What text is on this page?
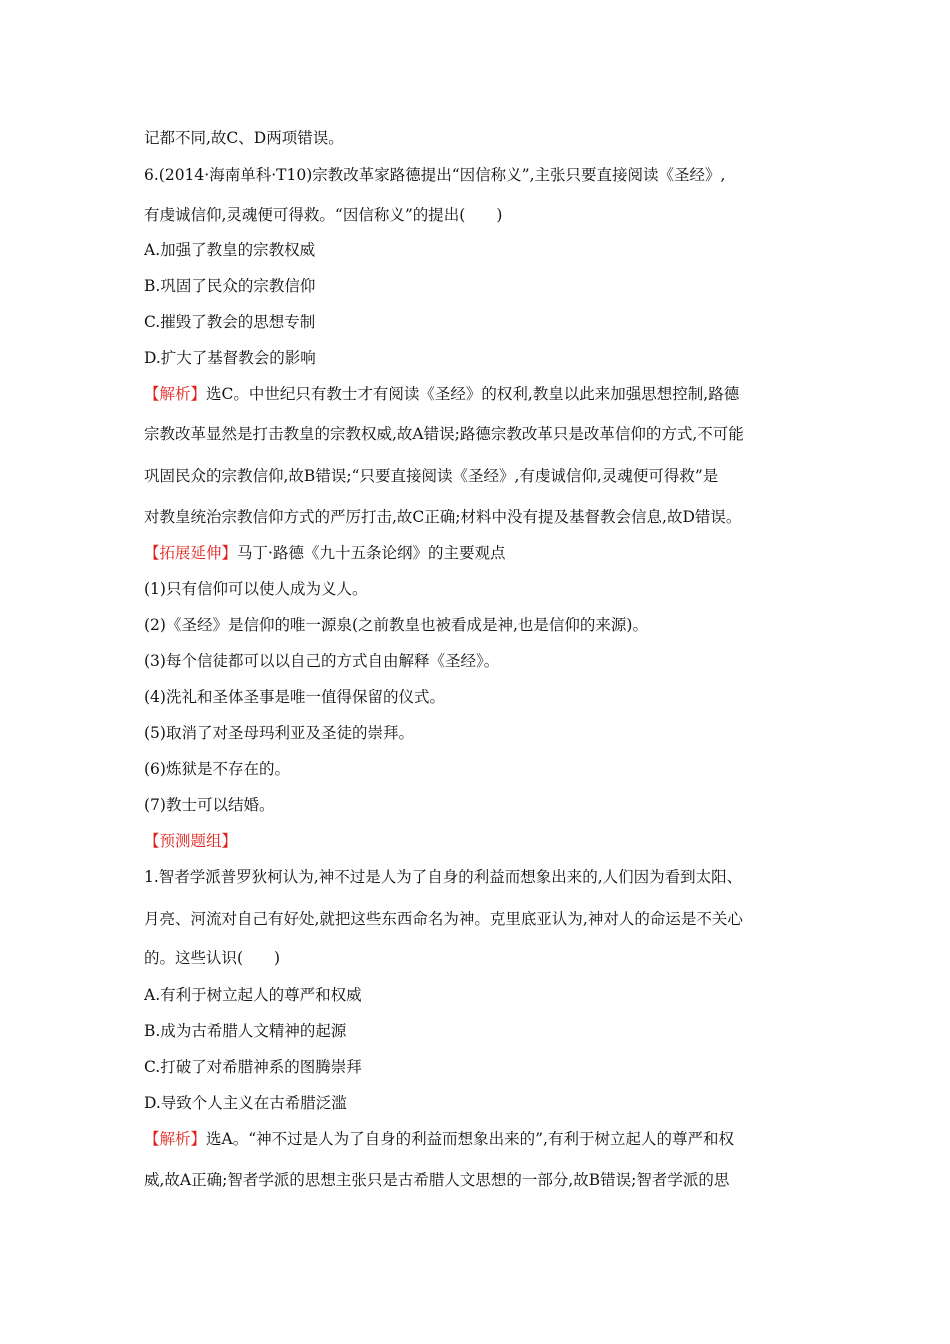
记都不同,故C、D两项错误。
6.(2014·海南单科·T10)宗教改革家路德提出“因信称义”,主张只要直接阅读《圣经》,
有虔诚信仰,灵魂便可得救。“因信称义”的提出(　　)
A.加强了教皇的宗教权威
B.巩固了民众的宗教信仰
C.摧毁了教会的思想专制
D.扩大了基督教会的影响
【解析】选C。中世纪只有教士才有阅读《圣经》的权利,教皇以此来加强思想控制,路德
宗教改革显然是打击教皇的宗教权威,故A错误;路德宗教改革只是改革信仰的方式,不可能
巩固民众的宗教信仰,故B错误;“只要直接阅读《圣经》,有虔诚信仰,灵魂便可得救”是
对教皇统治宗教信仰方式的严厉打击,故C正确;材料中没有提及基督教会信息,故D错误。
【拓展延伸】马丁·路德《九十五条论纲》的主要观点
(1)只有信仰可以使人成为义人。
(2)《圣经》是信仰的唯一源泉(之前教皇也被看成是神,也是信仰的来源)。
(3)每个信徒都可以以自己的方式自由解释《圣经》。
(4)洗礼和圣体圣事是唯一值得保留的仪式。
(5)取消了对圣母玛利亚及圣徒的崇拜。
(6)炼狱是不存在的。
(7)教士可以结婚。
【预测题组】
1.智者学派普罗狄柯认为,神不过是人为了自身的利益而想象出来的,人们因为看到太阳、
月亮、河流对自己有好处,就把这些东西命名为神。克里底亚认为,神对人的命运是不关心
的。这些认识(　　)
A.有利于树立起人的尊严和权威
B.成为古希腊人文精神的起源
C.打破了对希腊神系的图腾崇拜
D.导致个人主义在古希腊泛滥
【解析】选A。“神不过是人为了自身的利益而想象出来的”,有利于树立起人的尊严和权
威,故A正确;智者学派的思想主张只是古希腊人文思想的一部分,故B错误;智者学派的思
